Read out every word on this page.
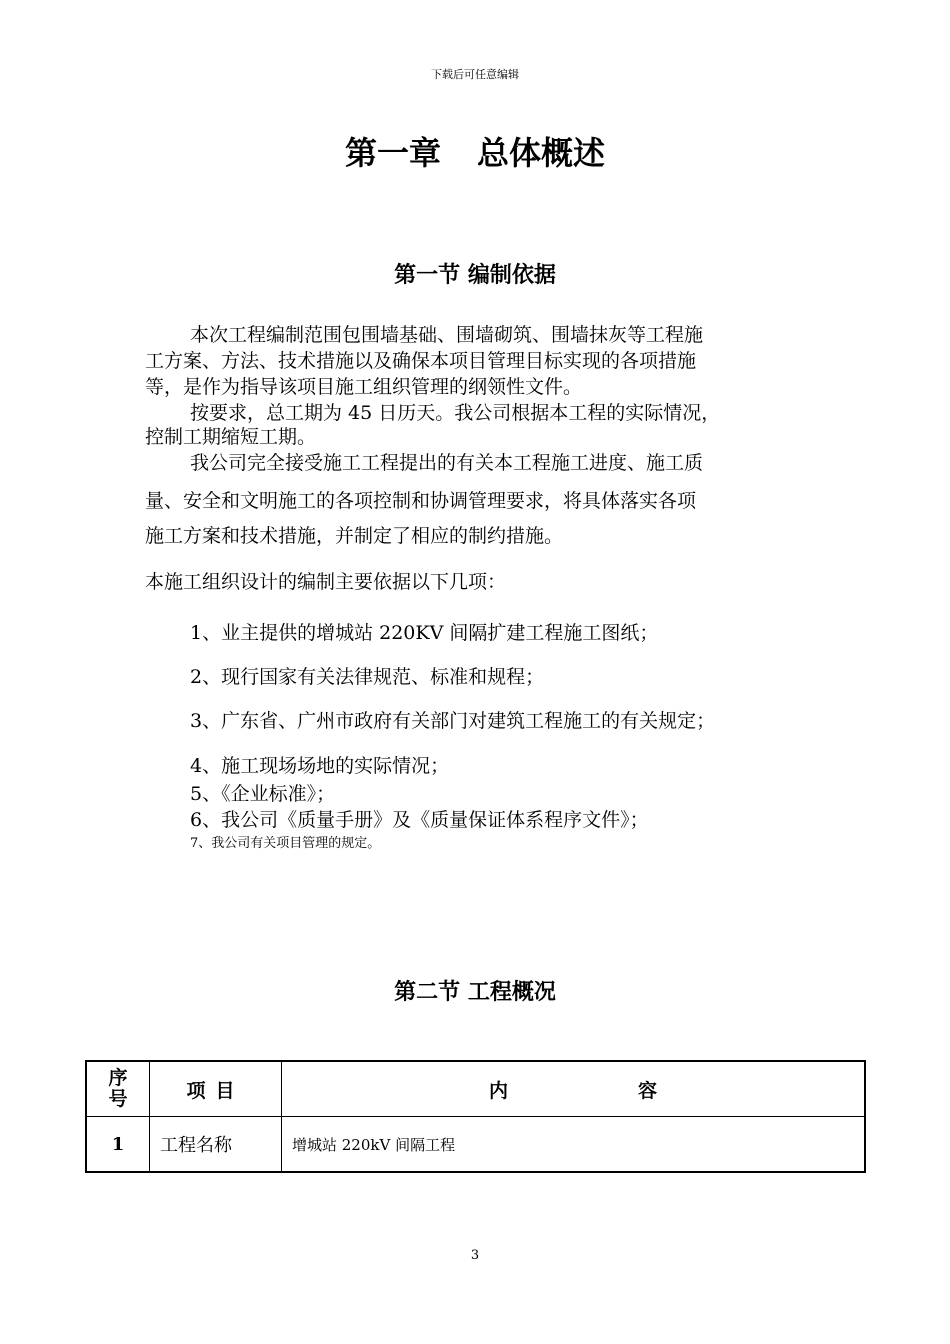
下载后可任意编辑
第一章 总体概述
第一节 编制依据
本次工程编制范围包围墙基础、围墙砌筑、围墙抹灰等工程施
工方案、方法、技术措施以及确保本项目管理目标实现的各项措施
等，是作为指导该项目施工组织管理的纲领性文件。
按要求，总工期为 45 日历天。我公司根据本工程的实际情况，
控制工期缩短工期。
我公司完全接受施工工程提出的有关本工程施工进度、施工质
量、安全和文明施工的各项控制和协调管理要求，将具体落实各项
施工方案和技术措施，并制定了相应的制约措施。
本施工组织设计的编制主要依据以下几项：
1、业主提供的增城站 220KV 间隔扩建工程施工图纸；
2、现行国家有关法律规范、标准和规程；
3、广东省、广州市政府有关部门对建筑工程施工的有关规定；
4、施工现场场地的实际情况；
5、《企业标准》；
6、我公司《质量手册》及《质量保证体系程序文件》；
7、我公司有关项目管理的规定。
第二节 工程概况
序
号	项目	内 容
1	工程名称	增城站 220kV 间隔工程
3
